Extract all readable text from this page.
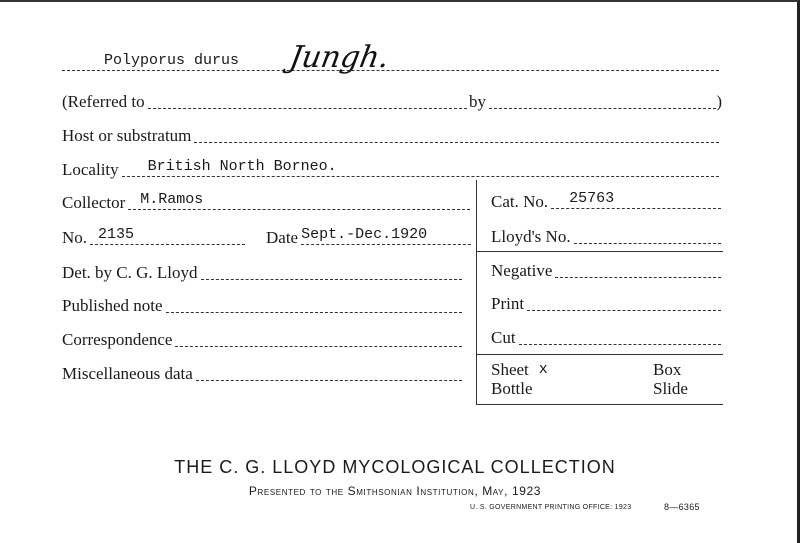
Polyporus durus Jungh.
(Referred to	by	)
Host or substratum
Locality British North Borneo.
Collector M.Ramos
No. 2135	Date Sept.-Dec.1920
Det. by C. G. Lloyd
Published note
Correspondence
Miscellaneous data
Cat. No. 25763
Lloyd's No.
Negative
Print
Cut
Sheet x	Box
Bottle	Slide
THE C. G. LLOYD MYCOLOGICAL COLLECTION
Presented to the Smithsonian Institution, May, 1923
U. S. GOVERNMENT PRINTING OFFICE: 1923	8—6365
